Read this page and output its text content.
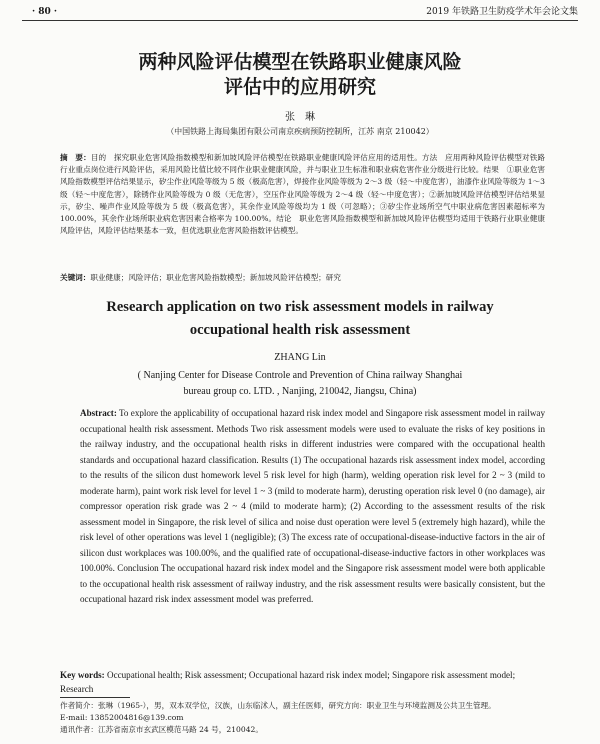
· 80 ·	2019 年铁路卫生防疫学术年会论文集
两种风险评估模型在铁路职业健康风险
评估中的应用研究
张　琳
（中国铁路上海局集团有限公司南京疾病预防控制所，江苏 南京 210042）
摘　要：目的　探究职业危害风险指数模型和新加坡风险评估模型在铁路职业健康风险评估应用的适用性。方法　应用两种风险评估模型对铁路行业重点岗位进行风险评估，采用风险比值比较不同作业职业健康风险，并与职业卫生标准和职业病危害作业分级进行比较。结果　①职业危害风险指数模型评估结果显示，矽尘作业风险等级为 5 级（极高危害），焊接作业风险等级为 2～3 级（轻～中度危害），油漆作业风险等级为 1～3 级（轻～中度危害），除锈作业风险等级为 0 级（无危害），空压作业风险等级为 2～4 级（轻～中度危害）；②新加坡风险评估模型评估结果显示，矽尘、噪声作业风险等级为 5 级（极高危害），其余作业风险等级均为 1 级（可忽略）；③矽尘作业场所空气中职业病危害因素超标率为 100.00%，其余作业场所职业病危害因素合格率为 100.00%。结论　职业危害风险指数模型和新加坡风险评估模型均适用于铁路行业职业健康风险评估，风险评估结果基本一致，但优选职业危害风险指数评估模型。
关键词：职业健康；风险评估；职业危害风险指数模型；新加坡风险评估模型；研究
Research application on two risk assessment models in railway
occupational health risk assessment
ZHANG Lin
( Nanjing Center for Disease Controle and Prevention of China railway Shanghai
bureau group co. LTD. , Nanjing, 210042, Jiangsu, China)
Abstract: To explore the applicability of occupational hazard risk index model and Singapore risk assessment model in railway occupational health risk assessment. Methods Two risk assessment models were used to evaluate the risks of key positions in the railway industry, and the occupational health risks in different industries were compared with the occupational health standards and occupational hazard classification. Results (1) The occupational hazards risk assessment index model, according to the results of the silicon dust homework level 5 risk level for high (harm), welding operation risk level for 2 ~ 3 (mild to moderate harm), paint work risk level for level 1 ~ 3 (mild to moderate harm), derusting operation risk level 0 (no damage), air compressor operation risk grade was 2 ~ 4 (mild to moderate harm); (2) According to the assessment results of the risk assessment model in Singapore, the risk level of silica and noise dust operation were level 5 (extremely high hazard), while the risk level of other operations was level 1 (negligible); (3) The excess rate of occupational-disease-inductive factors in the air of silicon dust workplaces was 100.00%, and the qualified rate of occupational-disease-inductive factors in other workplaces was 100.00%. Conclusion The occupational hazard risk index model and the Singapore risk assessment model were both applicable to the occupational health risk assessment of railway industry, and the risk assessment results were basically consistent, but the occupational hazard risk index assessment model was preferred.
Key words: Occupational health; Risk assessment; Occupational hazard risk index model; Singapore risk assessment model; Research
作者简介：张琳（1965-），男，双本双学位，汉族，山东临沭人，副主任医师，研究方向：职业卫生与环境监测及公共卫生管理。
E-mail: 13852004816@139.com
通讯作者：江苏省南京市玄武区模范马路 24 号，210042。
